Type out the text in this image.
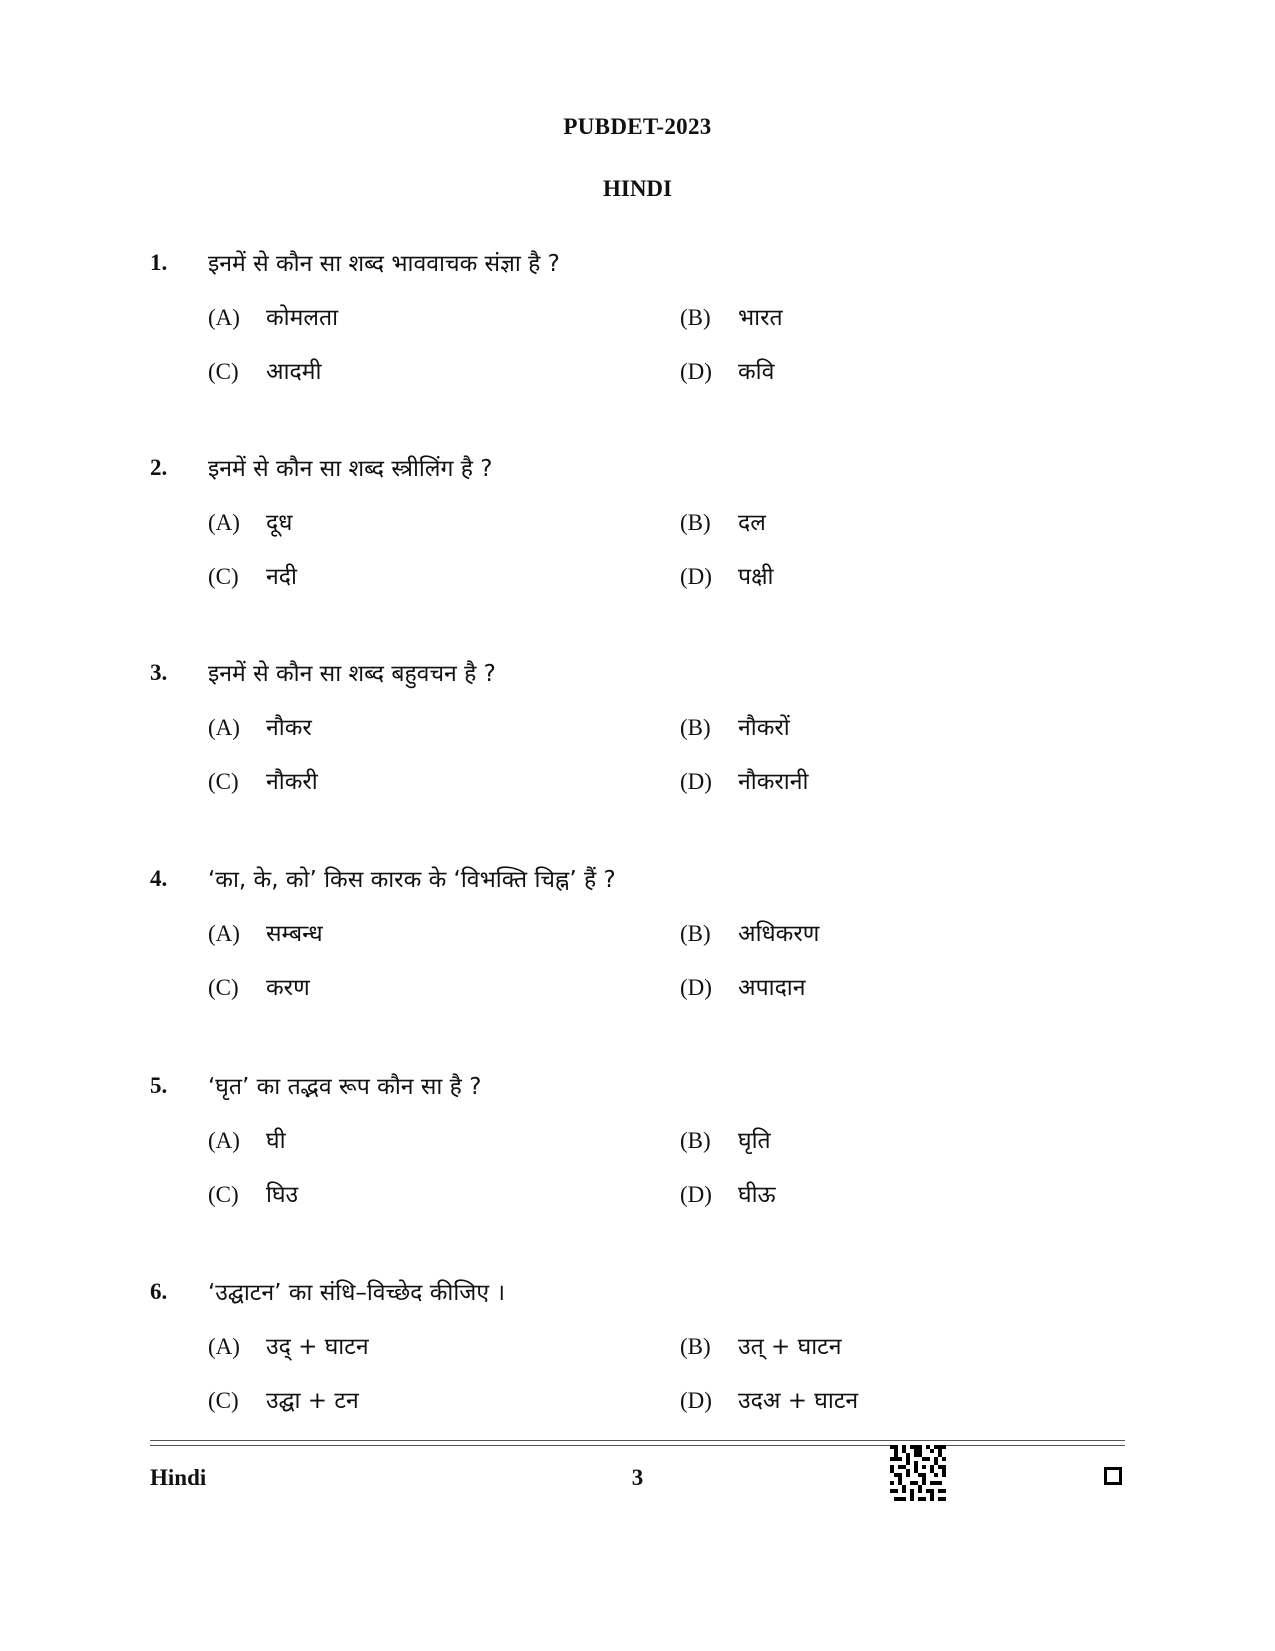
PUBDET-2023
HINDI
1. इनमें से कौन सा शब्द भाववाचक संज्ञा है ?
(A) कोमलता	(B) भारत
(C) आदमी	(D) कवि
2. इनमें से कौन सा शब्द स्त्रीलिंग है ?
(A) दूध	(B) दल
(C) नदी	(D) पक्षी
3. इनमें से कौन सा शब्द बहुवचन है ?
(A) नौकर	(B) नौकरों
(C) नौकरी	(D) नौकरानी
4. ‘का, के, को’ किस कारक के ‘विभक्ति चिह्न’ हैं ?
(A) सम्बन्ध	(B) अधिकरण
(C) करण	(D) अपादान
5. ‘घृत’ का तद्भव रूप कौन सा है ?
(A) घी	(B) घृति
(C) घिउ	(D) घीऊ
6. ‘उद्घाटन’ का संधि–विच्छेद कीजिए ।
(A) उद् + घाटन	(B) उत् + घाटन
(C) उद्घा + टन	(D) उदअ + घाटन
Hindi	3
